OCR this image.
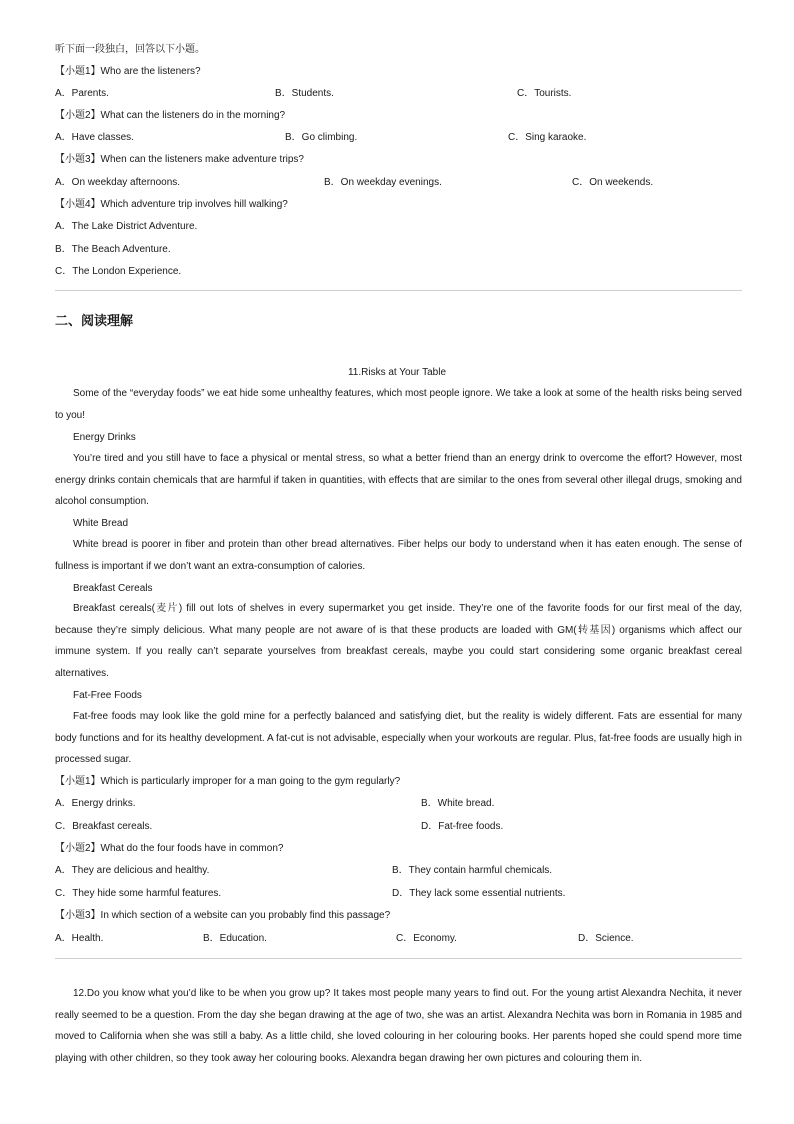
听下面一段独白，回答以下小题。
【小题1】Who are the listeners?
A．Parents.	B．Students.	C．Tourists.
【小题2】What can the listeners do in the morning?
A．Have classes.	B．Go climbing.	C．Sing karaoke.
【小题3】When can the listeners make adventure trips?
A．On weekday afternoons.	B．On weekday evenings.	C．On weekends.
【小题4】Which adventure trip involves hill walking?
A．The Lake District Adventure.
B．The Beach Adventure.
C．The London Experience.
二、阅读理解
11.Risks at Your Table
Some of the “everyday foods” we eat hide some unhealthy features, which most people ignore. We take a look at some of the health risks being served to you!
Energy Drinks
You’re tired and you still have to face a physical or mental stress, so what a better friend than an energy drink to overcome the effort? However, most energy drinks contain chemicals that are harmful if taken in quantities, with effects that are similar to the ones from several other illegal drugs, smoking and alcohol consumption.
White Bread
White bread is poorer in fiber and protein than other bread alternatives. Fiber helps our body to understand when it has eaten enough. The sense of fullness is important if we don’t want an extra-consumption of calories.
Breakfast Cereals
Breakfast cereals(麦片) fill out lots of shelves in every supermarket you get inside. They’re one of the favorite foods for our first meal of the day, because they’re simply delicious. What many people are not aware of is that these products are loaded with GM(转基因) organisms which affect our immune system. If you really can’t separate yourselves from breakfast cereals, maybe you could start considering some organic breakfast cereal alternatives.
Fat-Free Foods
Fat-free foods may look like the gold mine for a perfectly balanced and satisfying diet, but the reality is widely different. Fats are essential for many body functions and for its healthy development. A fat-cut is not advisable, especially when your workouts are regular. Plus, fat-free foods are usually high in processed sugar.
【小题1】Which is particularly improper for a man going to the gym regularly?
A．Energy drinks.	B．White bread.
C．Breakfast cereals.	D．Fat-free foods.
【小题2】What do the four foods have in common?
A．They are delicious and healthy.	B．They contain harmful chemicals.
C．They hide some harmful features.	D．They lack some essential nutrients.
【小题3】In which section of a website can you probably find this passage?
A．Health.	B．Education.	C．Economy.	D．Science.
12.Do you know what you’d like to be when you grow up? It takes most people many years to find out. For the young artist Alexandra Nechita, it never really seemed to be a question. From the day she began drawing at the age of two, she was an artist. Alexandra Nechita was born in Romania in 1985 and moved to California when she was still a baby. As a little child, she loved colouring in her colouring books. Her parents hoped she could spend more time playing with other children, so they took away her colouring books. Alexandra began drawing her own pictures and colouring them in.
